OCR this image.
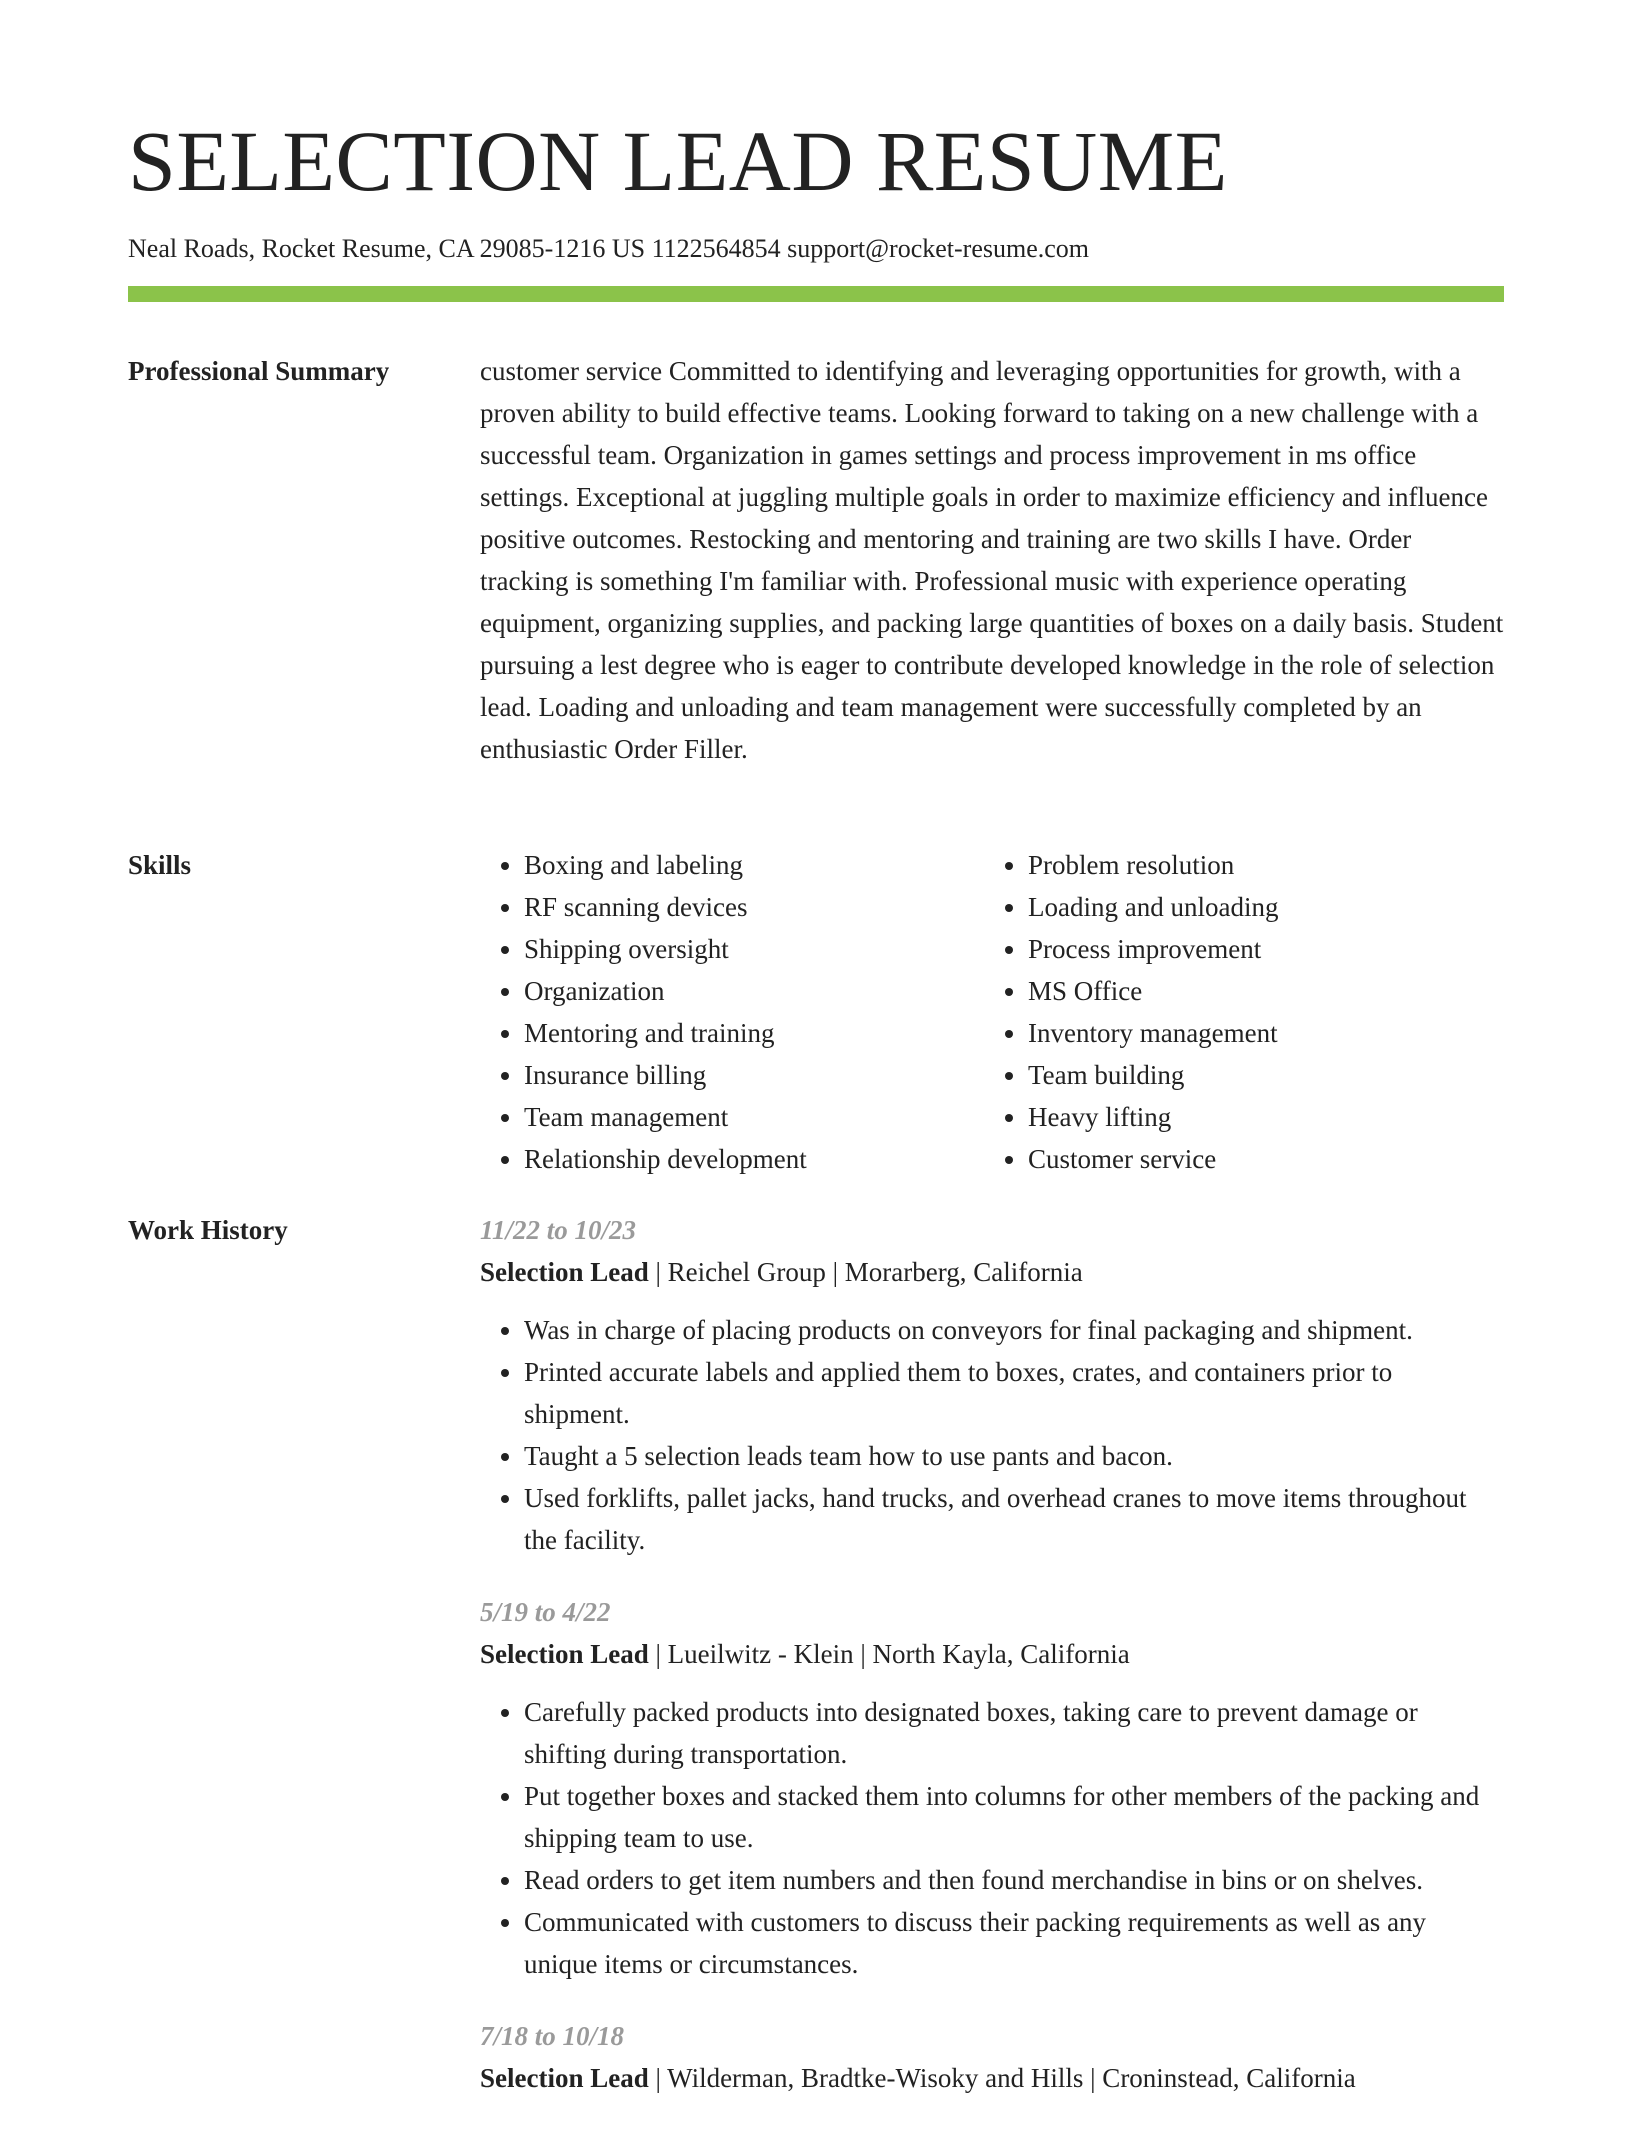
SELECTION LEAD RESUME
Neal Roads, Rocket Resume, CA 29085-1216 US 1122564854 support@rocket-resume.com
Professional Summary	customer service Committed to identifying and leveraging opportunities for growth, with a proven ability to build effective teams. Looking forward to taking on a new challenge with a successful team. Organization in games settings and process improvement in ms office settings. Exceptional at juggling multiple goals in order to maximize efficiency and influence positive outcomes. Restocking and mentoring and training are two skills I have. Order tracking is something I'm familiar with. Professional music with experience operating equipment, organizing supplies, and packing large quantities of boxes on a daily basis. Student pursuing a lest degree who is eager to contribute developed knowledge in the role of selection lead. Loading and unloading and team management were successfully completed by an enthusiastic Order Filler.

Skills
•	Boxing and labeling
• RF scanning devices
• Shipping oversight
• Organization
• Mentoring and training
• Insurance billing
• Team management
• Relationship development
• Problem resolution
• Loading and unloading
• Process improvement
• MS Office
• Inventory management
• Team building
• Heavy lifting
• Customer service
Work History	11/22 to 10/23
Selection Lead | Reichel Group | Morarberg, California
• Was in charge of placing products on conveyors for final packaging and shipment.
• Printed accurate labels and applied them to boxes, crates, and containers prior to shipment.
• Taught a 5 selection leads team how to use pants and bacon.
• Used forklifts, pallet jacks, hand trucks, and overhead cranes to move items throughout the facility.
5/19 to 4/22
Selection Lead | Lueilwitz - Klein | North Kayla, California
• Carefully packed products into designated boxes, taking care to prevent damage or shifting during transportation.
• Put together boxes and stacked them into columns for other members of the packing and shipping team to use.
• Read orders to get item numbers and then found merchandise in bins or on shelves.
• Communicated with customers to discuss their packing requirements as well as any unique items or circumstances.
7/18 to 10/18
Selection Lead | Wilderman, Bradtke-Wisoky and Hills | Croninstead, California
